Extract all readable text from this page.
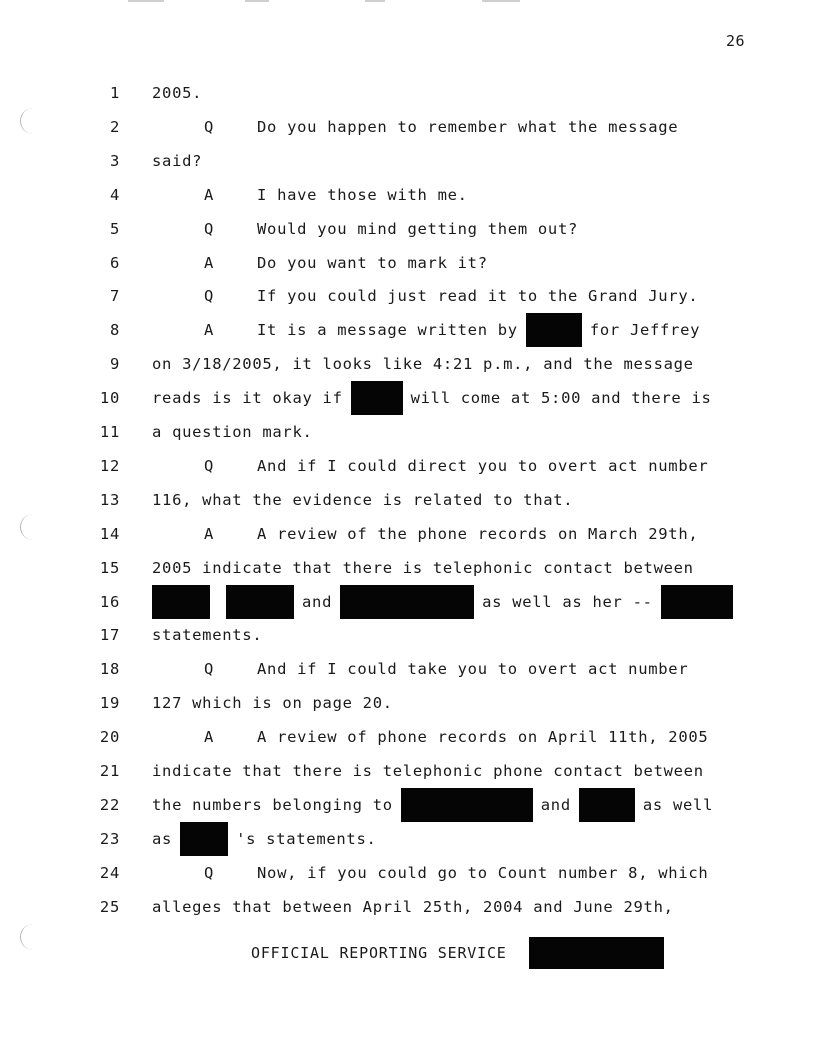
26
1 2005.
2	Q	Do you happen to remember what the message
3 said?
4	A	I have those with me.
5	Q	Would you mind getting them out?
6	A	Do you want to mark it?
7	Q	If you could just read it to the Grand Jury.
8	A	It is a message written by	for Jeffrey
9 on 3/18/2005, it looks like 4:21 p.m., and the message
10 reads is it okay if	will come at 5:00 and there is
11 a question mark.
12	Q	And if I could direct you to overt act number
13 116, what the evidence is related to that.
14	A	A review of the phone records on March 29th,
15 2005 indicate that there is telephonic contact between
16	and	as well as her --
17 statements.
18	Q	And if I could take you to overt act number
19 127 which is on page 20.
20	A	A review of phone records on April 11th, 2005
21 indicate that there is telephonic phone contact between
22 the numbers belonging to	and	as well
23 as	's statements.
24	Q	Now, if you could go to Count number 8, which
25 alleges that between April 25th, 2004 and June 29th,
OFFICIAL REPORTING SERVICE
